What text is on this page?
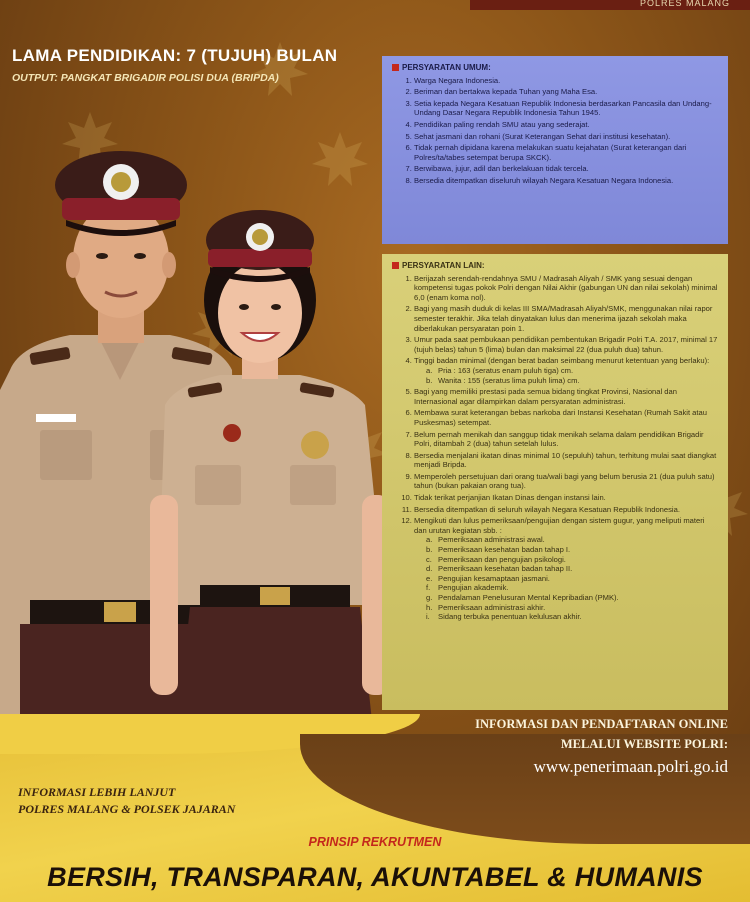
POLRES MALANG
LAMA PENDIDIKAN: 7 (TUJUH) BULAN
OUTPUT: PANGKAT BRIGADIR POLISI DUA (BRIPDA)
PERSYARATAN UMUM:
1. Warga Negara Indonesia.
2. Beriman dan bertakwa kepada Tuhan yang Maha Esa.
3. Setia kepada Negara Kesatuan Republik Indonesia berdasarkan Pancasila dan Undang-Undang Dasar Negara Republik Indonesia Tahun 1945.
4. Pendidikan paling rendah SMU atau yang sederajat.
5. Sehat jasmani dan rohani (Surat Keterangan Sehat dari institusi kesehatan).
6. Tidak pernah dipidana karena melakukan suatu kejahatan (Surat keterangan dari Polres/ta/tabes setempat berupa SKCK).
7. Berwibawa, jujur, adil dan berkelakuan tidak tercela.
8. Bersedia ditempatkan diseluruh wilayah Negara Kesatuan Negara Indonesia.
PERSYARATAN LAIN:
1. Berijazah serendah-rendahnya SMU / Madrasah Aliyah / SMK yang sesuai dengan kompetensi tugas pokok Polri dengan Nilai Akhir (gabungan UN dan nilai sekolah) minimal 6,0 (enam koma nol).
2. Bagi yang masih duduk di kelas III SMA/Madrasah Aliyah/SMK, menggunakan nilai rapor semester terakhir. Jika telah dinyatakan lulus dan menerima ijazah sekolah maka diberlakukan persyaratan poin 1.
3. Umur pada saat pembukaan pendidikan pembentukan Brigadir Polri T.A. 2017, minimal 17 (tujuh belas) tahun 5 (lima) bulan dan maksimal 22 (dua puluh dua) tahun.
4. Tinggi badan minimal (dengan berat badan seimbang menurut ketentuan yang berlaku):
a. Pria : 163 (seratus enam puluh tiga) cm.
b. Wanita : 155 (seratus lima puluh lima) cm.
5. Bagi yang memiliki prestasi pada semua bidang tingkat Provinsi, Nasional dan Internasional agar dilampirkan dalam persyaratan administrasi.
6. Membawa surat keterangan bebas narkoba dari Instansi Kesehatan (Rumah Sakit atau Puskesmas) setempat.
7. Belum pernah menikah dan sanggup tidak menikah selama dalam pendidikan Brigadir Polri, ditambah 2 (dua) tahun setelah lulus.
8. Bersedia menjalani ikatan dinas minimal 10 (sepuluh) tahun, terhitung mulai saat diangkat menjadi Bripda.
9. Memperoleh persetujuan dari orang tua/wali bagi yang belum berusia 21 (dua puluh satu) tahun (bukan pakaian orang tua).
10. Tidak terikat perjanjian Ikatan Dinas dengan instansi lain.
11. Bersedia ditempatkan di seluruh wilayah Negara Kesatuan Republik Indonesia.
12. Mengikuti dan lulus pemeriksaan/pengujian dengan sistem gugur, yang meliputi materi dan urutan kegiatan sbb. :
a. Pemeriksaan administrasi awal.
b. Pemeriksaan kesehatan badan tahap I.
c. Pemeriksaan dan pengujian psikologi.
d. Pemeriksaan kesehatan badan tahap II.
e. Pengujian kesamaptaan jasmani.
f. Pengujian akademik.
g. Pendalaman Penelusuran Mental Kepribadian (PMK).
h. Pemeriksaan administrasi akhir.
i. Sidang terbuka penentuan kelulusan akhir.
INFORMASI DAN PENDAFTARAN ONLINE
MELALUI WEBSITE POLRI:
www.penerimaan.polri.go.id
INFORMASI LEBIH LANJUT
POLRES MALANG & POLSEK JAJARAN
PRINSIP REKRUTMEN
BERSIH, TRANSPARAN, AKUNTABEL & HUMANIS
